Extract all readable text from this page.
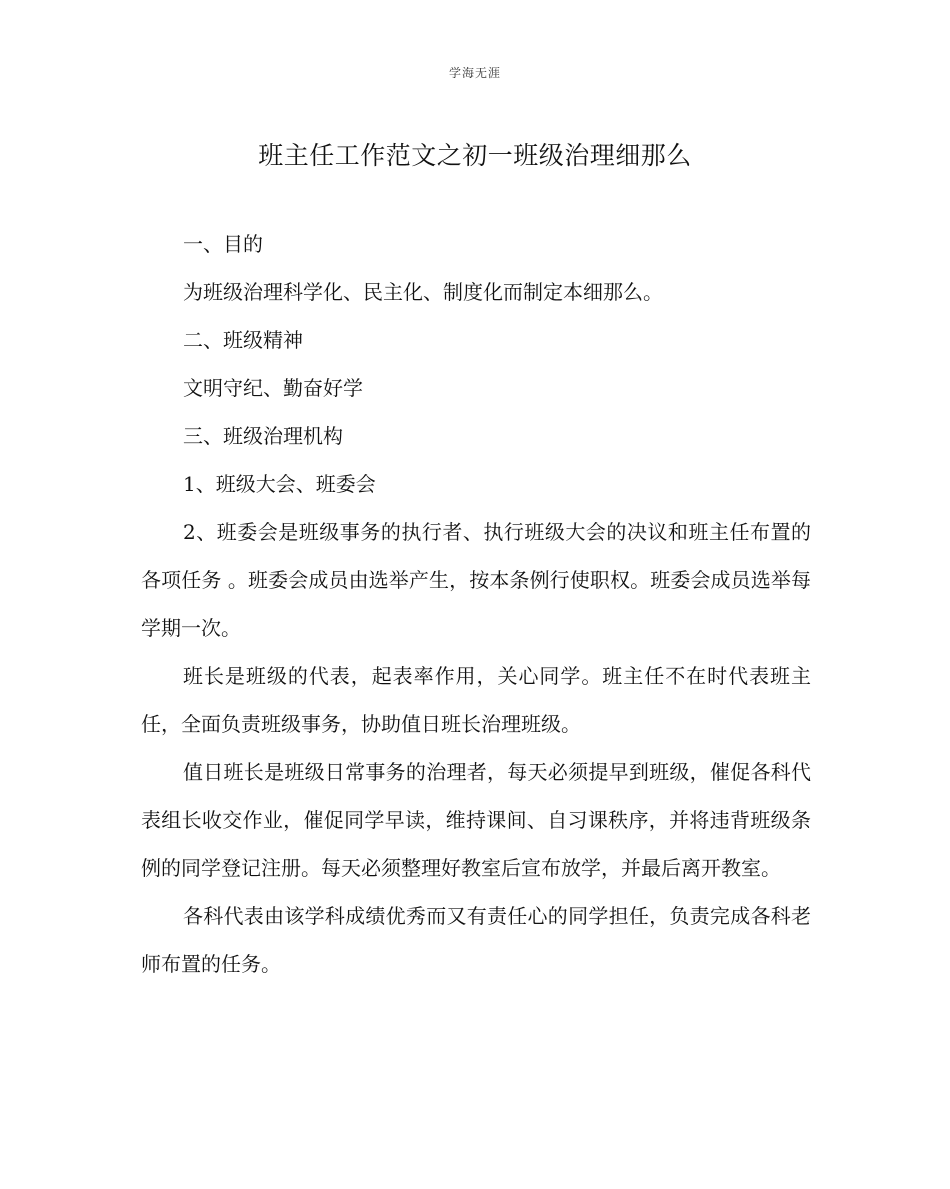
学海无涯
班主任工作范文之初一班级治理细那么

一、目的

为班级治理科学化、民主化、制度化而制定本细那么。

二、班级精神

文明守纪、勤奋好学

三、班级治理机构

1、班级大会、班委会

2、班委会是班级事务的执行者、执行班级大会的决议和班主任布置的各项任务 。班委会成员由选举产生，按本条例行使职权。班委会成员选举每学期一次。

班长是班级的代表，起表率作用，关心同学。班主任不在时代表班主任，全面负责班级事务，协助值日班长治理班级。

值日班长是班级日常事务的治理者，每天必须提早到班级，催促各科代表组长收交作业，催促同学早读，维持课间、自习课秩序，并将违背班级条例的同学登记注册。每天必须整理好教室后宣布放学，并最后离开教室。

各科代表由该学科成绩优秀而又有责任心的同学担任，负责完成各科老师布置的任务。
